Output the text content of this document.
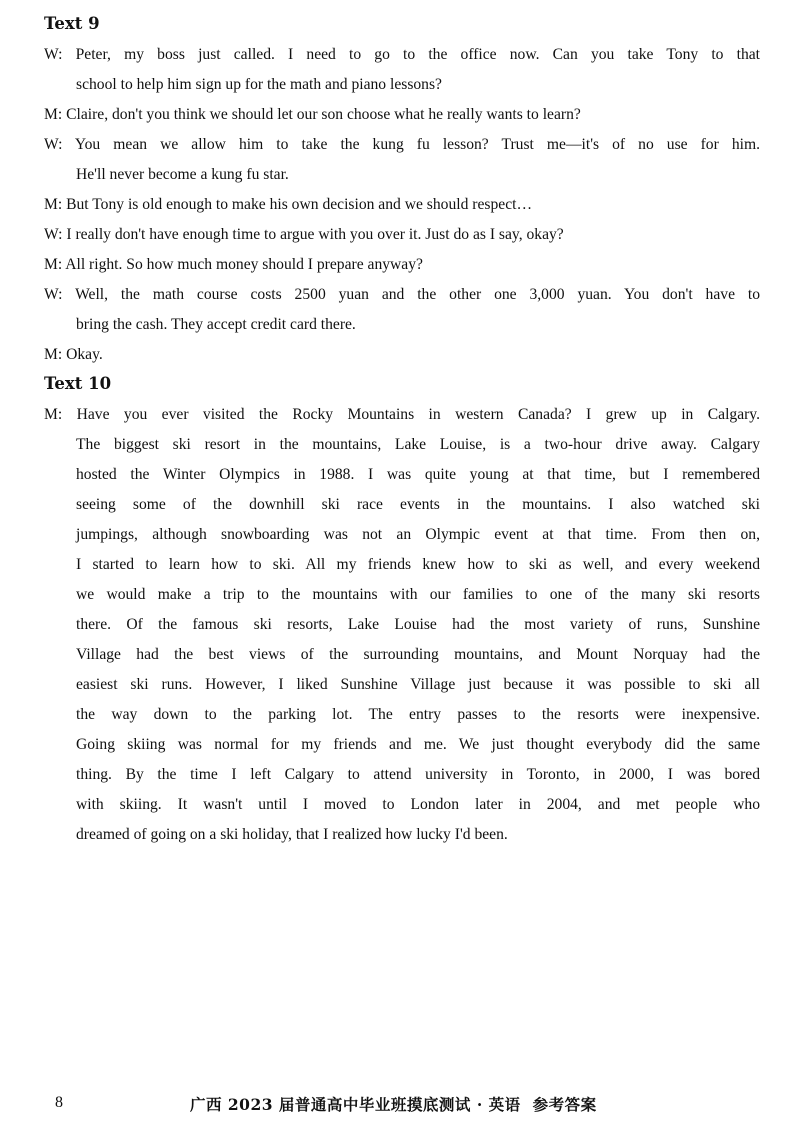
Text 9
W: Peter, my boss just called. I need to go to the office now. Can you take Tony to that
school to help him sign up for the math and piano lessons?
M: Claire, don't you think we should let our son choose what he really wants to learn?
W: You mean we allow him to take the kung fu lesson? Trust me—it's of no use for him.
He'll never become a kung fu star.
M: But Tony is old enough to make his own decision and we should respect…
W: I really don't have enough time to argue with you over it. Just do as I say, okay?
M: All right. So how much money should I prepare anyway?
W: Well, the math course costs 2500 yuan and the other one 3,000 yuan. You don't have to
bring the cash. They accept credit card there.
M: Okay.
Text 10
M: Have you ever visited the Rocky Mountains in western Canada? I grew up in Calgary.
The biggest ski resort in the mountains, Lake Louise, is a two-hour drive away. Calgary
hosted the Winter Olympics in 1988. I was quite young at that time, but I remembered
seeing some of the downhill ski race events in the mountains. I also watched ski
jumpings, although snowboarding was not an Olympic event at that time. From then on,
I started to learn how to ski. All my friends knew how to ski as well, and every weekend
we would make a trip to the mountains with our families to one of the many ski resorts
there. Of the famous ski resorts, Lake Louise had the most variety of runs, Sunshine
Village had the best views of the surrounding mountains, and Mount Norquay had the
easiest ski runs. However, I liked Sunshine Village just because it was possible to ski all
the way down to the parking lot. The entry passes to the resorts were inexpensive.
Going skiing was normal for my friends and me. We just thought everybody did the same
thing. By the time I left Calgary to attend university in Toronto, in 2000, I was bored
with skiing. It wasn't until I moved to London later in 2004, and met people who
dreamed of going on a ski holiday, that I realized how lucky I'd been.
8	广西 2023 届普通高中毕业班摸底测试 · 英语 参考答案
